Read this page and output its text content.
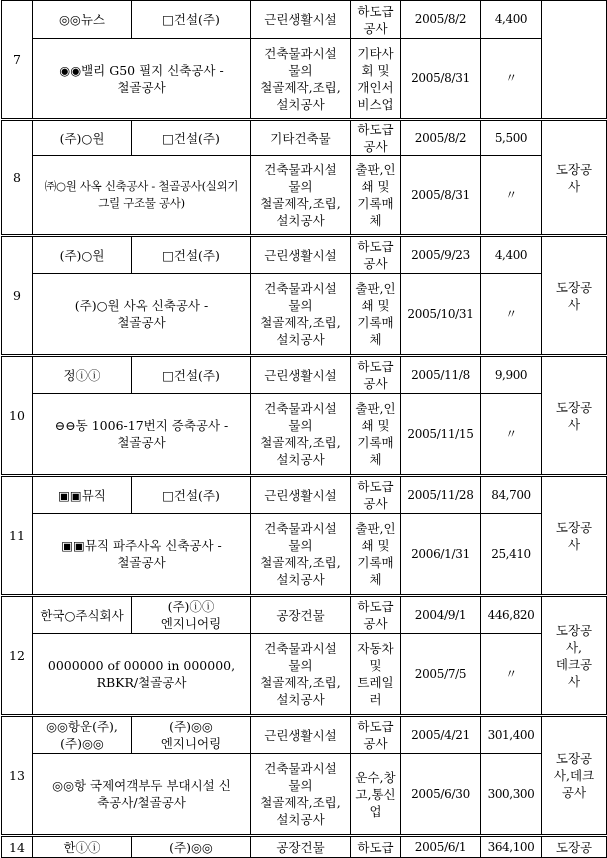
7	◎◎뉴스	□건설(주)	근린생활시설	하도급
공사	2005/8/2	4,400	

	◉◉밸리 G50 필지 신축공사 -
철골공사		건축물과시설
물의
철골제작,조립,
설치공사	기타사
회 및
개인서
비스업	2005/8/31	〃	

8	(주)○원	□건설(주)	기타건축물	하도급
공사	2005/8/2	5,500	도장공
사

	㈜○원 사옥 신축공사 - 철골공사(실외기
그릴 구조물 공사)		건축물과시설
물의
철골제작,조립,
설치공사	출판,인
쇄 및
기록매
체	2005/8/31	〃	

9	(주)○원	□건설(주)	근린생활시설	하도급
공사	2005/9/23	4,400	도장공
사

	(주)○원 사옥 신축공사 -
철골공사		건축물과시설
물의
철골제작,조립,
설치공사	출판,인
쇄 및
기록매
체	2005/10/31	〃	

10	정ⓘⓘ	□건설(주)	근린생활시설	하도급
공사	2005/11/8	9,900	도장공
사

	⊖⊖동 1006-17번지 증축공사 -
철골공사		건축물과시설
물의
철골제작,조립,
설치공사	출판,인
쇄 및
기록매
체	2005/11/15	〃	

11	▣▣뮤직	□건설(주)	근린생활시설	하도급
공사	2005/11/28	84,700	도장공
사

	▣▣뮤직 파주사옥 신축공사 -
철골공사		건축물과시설
물의
철골제작,조립,
설치공사	출판,인
쇄 및
기록매
체	2006/1/31	25,410	

12	한국○주식회사	(주)ⓘⓘ
엔지니어링	공장건물	하도급
공사	2004/9/1	446,820	도장공
사,
데크공
사

	0000000 of 00000 in 000000,
RBKR/철골공사		건축물과시설
물의
철골제작,조립,
설치공사	자동차
및
트레일
러	2005/7/5	〃	

13	◎◎항운(주),
(주)◎◎	(주)◎◎
엔지니어링	근린생활시설	하도급
공사	2005/4/21	301,400	도장공
사,데크
공사

	◎◎항 국제여객부두 부대시설 신
축공사/철골공사		건축물과시설
물의
철골제작,조립,
설치공사	운수,창
고,통신
업	2005/6/30	300,300	

14	한ⓘⓘ	(주)◎◎	공장건물	하도급	2005/6/1	364,100	도장공
